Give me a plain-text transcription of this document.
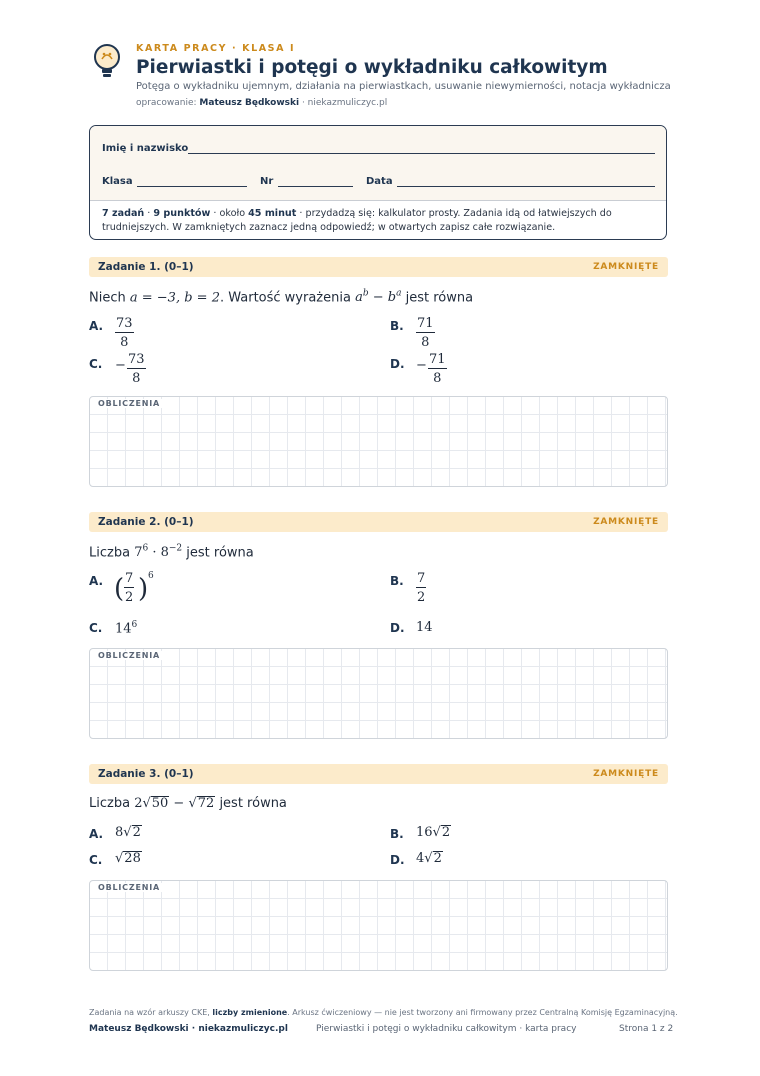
KARTA PRACY · KLASA I
Pierwiastki i potęgi o wykładniku całkowitym
Potęga o wykładniku ujemnym, działania na pierwiastkach, usuwanie niewymierności, notacja wykładnicza
opracowanie: Mateusz Będkowski · niekazmuliczyc.pl
Imię i nazwisko
Klasa	Nr	Data
7 zadań · 9 punktów · około 45 minut · przydadzą się: kalkulator prosty. Zadania idą od łatwiejszych do trudniejszych. W zamkniętych zaznacz jedną odpowiedź; w otwartych zapisz całe rozwiązanie.
Zadanie 1. (0–1)	ZAMKNIĘTE
Niech a = −3, b = 2. Wartość wyrażenia $a^b - b^a$ jest równa
A. 73
8
B. 71
8
C. − 73
8
D. − 71
8
OBLICZENIA
Zadanie 2. (0–1)	ZAMKNIĘTE
Liczba $7^6 \cdot 8^{-2}$ jest równa
A. ( 7
2 ) 6	B. 7
2
C. $14^6$	D. 14
OBLICZENIA
Zadanie 3. (0–1)	ZAMKNIĘTE
Liczba 2√50 − √72 jest równa
A. 8√2	B. 16√2
C. √28	D. 4√2
OBLICZENIA
Zadania na wzór arkuszy CKE, liczby zmienione. Arkusz ćwiczeniowy — nie jest tworzony ani firmowany przez Centralną Komisję Egzaminacyjną.
Mateusz Będkowski · niekazmuliczyc.pl	Pierwiastki i potęgi o wykładniku całkowitym · karta pracy	Strona 1 z 2
